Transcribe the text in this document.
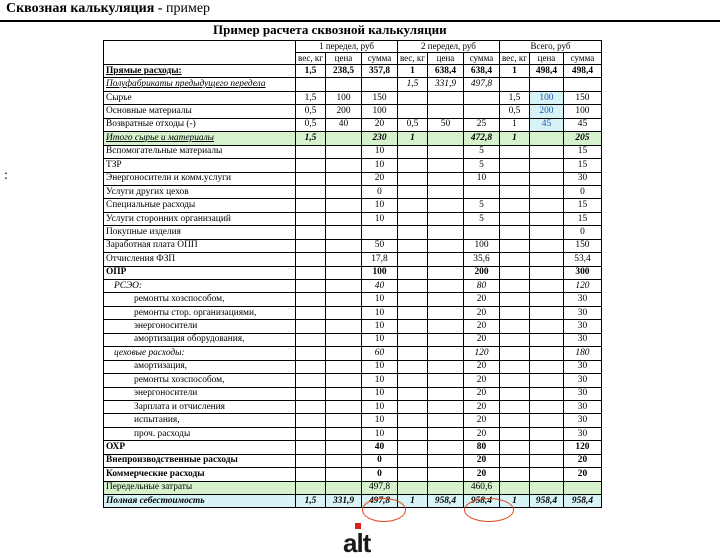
Сквозная калькуляция - пример
:
Пример расчета сквозной калькуляции
	1 передел, руб			2 передел, руб			Всего, руб		
	вес, кг	цена	сумма	вес, кг	цена	сумма	вес, кг	цена	сумма
Прямые расходы:	1,5	238,5	357,8	1	638,4	638,4	1	498,4	498,4
Полуфабрикаты предыдущего передела				1,5	331,9	497,8			
Сырье	1,5	100	150				1,5	100	150
Основные материалы	0,5	200	100				0,5	200	100
Возвратные отходы (-)	0,5	40	20	0,5	50	25	1	45	45
Итого сырье и материалы	1,5		230	1		472,8	1		205
Вспомогательные материалы			10			5			15
ТЗР			10			5			15
Энергоносители и комм.услуги			20			10			30
Услуги других цехов			0						0
Специальные расходы			10			5			15
Услуги сторонних организаций			10			5			15
Покупные изделия									0
Заработная плата ОПП			50			100			150
Отчисления ФЗП			17,8			35,6			53,4
ОПР			100			200			300
РСЭО:			40			80			120
ремонты хозспособом,			10			20			30
ремонты стор. организациями,			10			20			30
энергоносители			10			20			30
амортизация оборудования,			10			20			30
цеховые расходы:			60			120			180
амортизация,			10			20			30
ремонты хозспособом,			10			20			30
энергоносители			10			20			30
Зарплата и отчисления			10			20			30
испытания,			10			20			30
проч. расходы			10			20			30
ОХР			40			80			120
Внепроизводственные расходы			0			20			20
Коммерческие расходы			0			20			20
Передельные затраты			497,8			460,6			
Полная себестоимость	1,5	331,9	497,8	1	958,4	958,4	1	958,4	958,4
alt
